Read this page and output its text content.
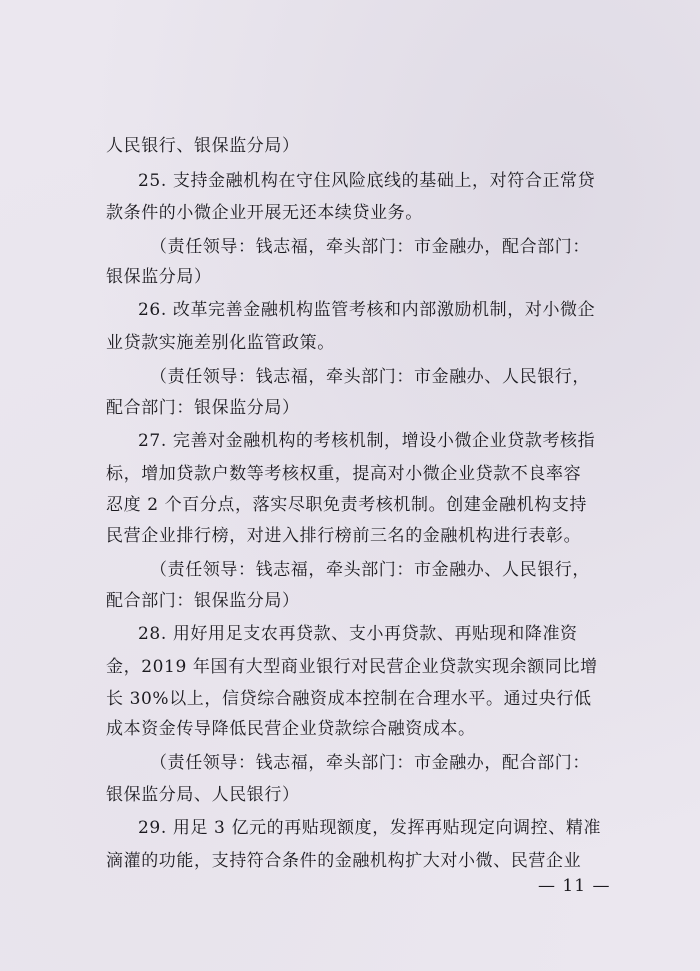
人民银行、银保监分局）
25. 支持金融机构在守住风险底线的基础上，对符合正常贷
款条件的小微企业开展无还本续贷业务。
（责任领导：钱志福，牵头部门：市金融办，配合部门：
银保监分局）
26. 改革完善金融机构监管考核和内部激励机制，对小微企
业贷款实施差别化监管政策。
（责任领导：钱志福，牵头部门：市金融办、人民银行，
配合部门：银保监分局）
27. 完善对金融机构的考核机制，增设小微企业贷款考核指
标，增加贷款户数等考核权重，提高对小微企业贷款不良率容
忍度 2 个百分点，落实尽职免责考核机制。创建金融机构支持
民营企业排行榜，对进入排行榜前三名的金融机构进行表彰。
（责任领导：钱志福，牵头部门：市金融办、人民银行，
配合部门：银保监分局）
28. 用好用足支农再贷款、支小再贷款、再贴现和降准资
金，2019 年国有大型商业银行对民营企业贷款实现余额同比增
长 30%以上，信贷综合融资成本控制在合理水平。通过央行低
成本资金传导降低民营企业贷款综合融资成本。
（责任领导：钱志福，牵头部门：市金融办，配合部门：
银保监分局、人民银行）
29. 用足 3 亿元的再贴现额度，发挥再贴现定向调控、精准
滴灌的功能，支持符合条件的金融机构扩大对小微、民营企业
— 11 —
